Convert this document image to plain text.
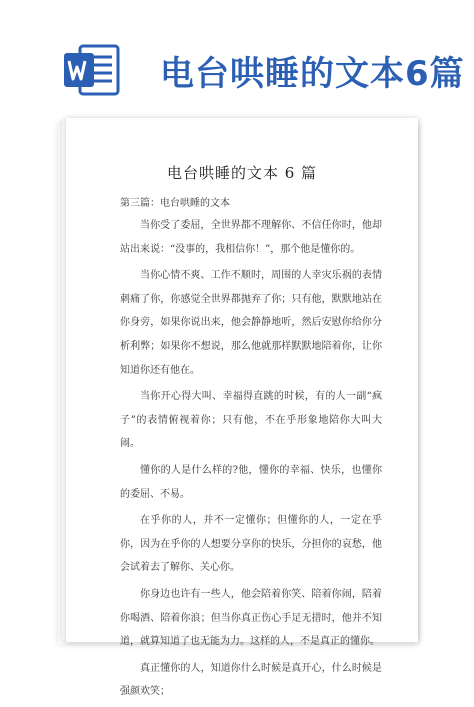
电台哄睡的文本6篇
电台哄睡的文本 6 篇
第三篇：电台哄睡的文本

当你受了委屈，全世界都不理解你、不信任你时，他却站出来说：“没事的，我相信你！”，那个他是懂你的。

当你心情不爽、工作不顺时，周围的人幸灾乐祸的表情刺痛了你，你感觉全世界都抛弃了你；只有他，默默地站在你身旁，如果你说出来，他会静静地听，然后安慰你给你分析利弊；如果你不想说，那么他就那样默默地陪着你，让你知道你还有他在。

当你开心得大叫、幸福得直跳的时候，有的人一副“疯子”的表情俯视着你；只有他，不在乎形象地陪你大叫大闹。

懂你的人是什么样的?他，懂你的幸福、快乐，也懂你的委屈、不易。

在乎你的人，并不一定懂你；但懂你的人，一定在乎你，因为在乎你的人想要分享你的快乐，分担你的哀愁，他会试着去了解你、关心你。

你身边也许有一些人，他会陪着你笑、陪着你闹，陪着你喝酒、陪着你浪；但当你真正伤心手足无措时，他并不知道，就算知道了也无能为力。这样的人，不是真正的懂你。

真正懂你的人，知道你什么时候是真开心，什么时候是强颜欢笑；
